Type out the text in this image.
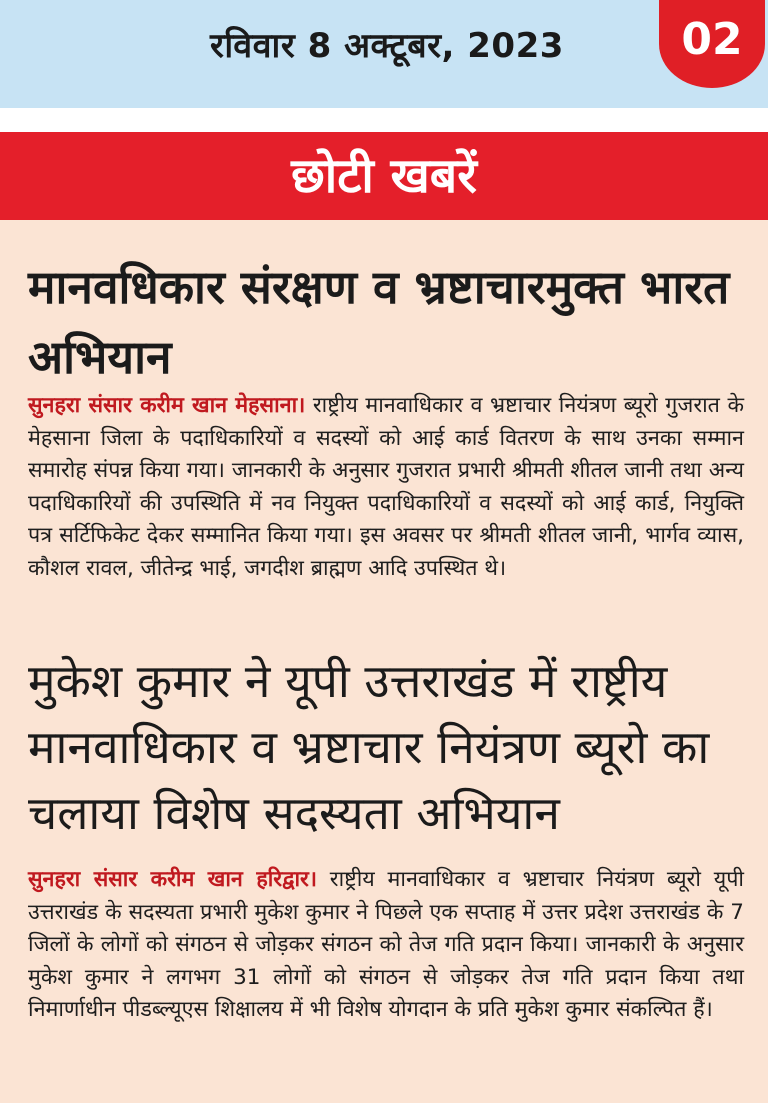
रविवार 8 अक्टूबर, 2023	02
छोटी खबरें
मानवधिकार संरक्षण व भ्रष्टाचारमुक्त भारत अभियान

सुनहरा संसार करीम खान मेहसाना। राष्ट्रीय मानवाधिकार व भ्रष्टाचार नियंत्रण ब्यूरो गुजरात के मेहसाना जिला के पदाधिकारियों व सदस्यों को आई कार्ड वितरण के साथ उनका सम्मान समारोह संपन्न किया गया। जानकारी के अनुसार गुजरात प्रभारी श्रीमती शीतल जानी तथा अन्य पदाधिकारियों की उपस्थिति में नव नियुक्त पदाधिकारियों व सदस्यों को आई कार्ड, नियुक्ति पत्र सर्टिफिकेट देकर सम्मानित किया गया। इस अवसर पर श्रीमती शीतल जानी, भार्गव व्यास, कौशल रावल, जीतेन्द्र भाई, जगदीश ब्राह्मण आदि उपस्थित थे।

मुकेश कुमार ने यूपी उत्तराखंड में राष्ट्रीय मानवाधिकार व भ्रष्टाचार नियंत्रण ब्यूरो का चलाया विशेष सदस्यता अभियान

सुनहरा संसार करीम खान हरिद्वार। राष्ट्रीय मानवाधिकार व भ्रष्टाचार नियंत्रण ब्यूरो यूपी उत्तराखंड के सदस्यता प्रभारी मुकेश कुमार ने पिछले एक सप्ताह में उत्तर प्रदेश उत्तराखंड के 7 जिलों के लोगों को संगठन से जोड़कर संगठन को तेज गति प्रदान किया। जानकारी के अनुसार मुकेश कुमार ने लगभग 31 लोगों को संगठन से जोड़कर तेज गति प्रदान किया तथा निमार्णाधीन पीडब्ल्यूएस शिक्षालय में भी विशेष योगदान के प्रति मुकेश कुमार संकल्पित हैं।
